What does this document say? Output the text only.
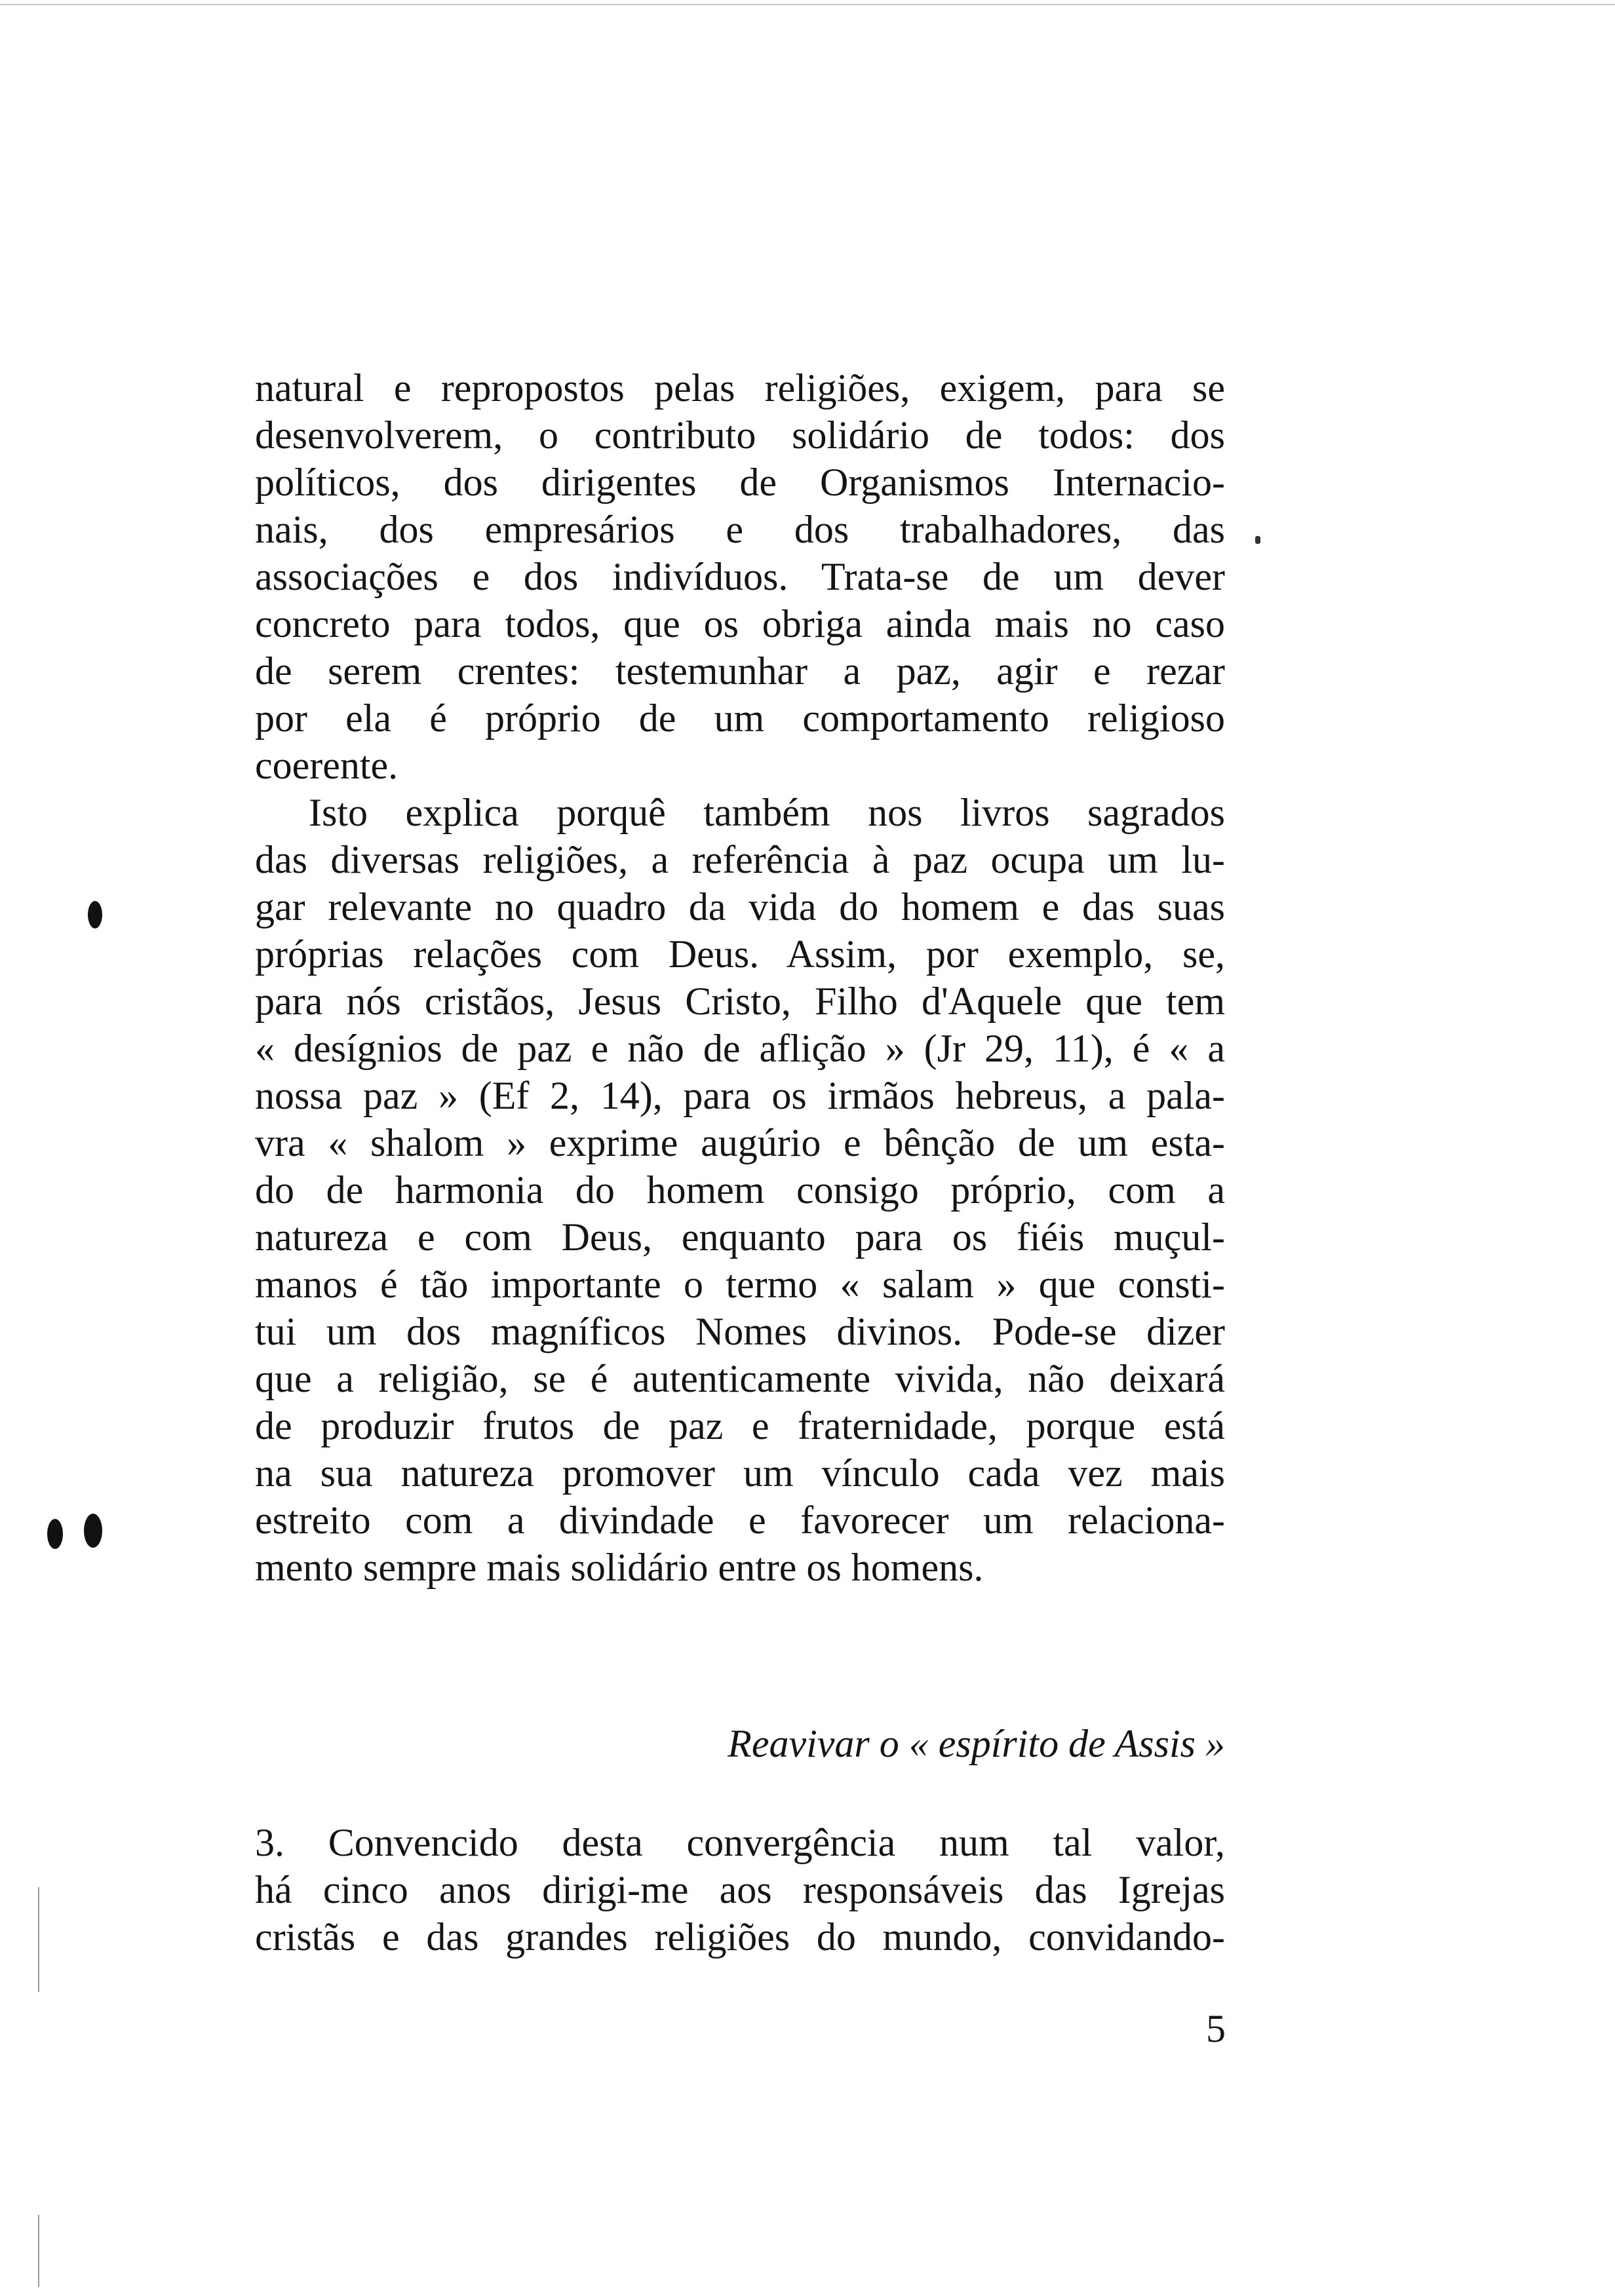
natural e repropostos pelas religiões, exigem, para se
desenvolverem, o contributo solidário de todos: dos
políticos, dos dirigentes de Organismos Internacio-
nais, dos empresários e dos trabalhadores, das
associações e dos indivíduos. Trata-se de um dever
concreto para todos, que os obriga ainda mais no caso
de serem crentes: testemunhar a paz, agir e rezar
por ela é próprio de um comportamento religioso
coerente.
Isto explica porquê também nos livros sagrados
das diversas religiões, a referência à paz ocupa um lu-
gar relevante no quadro da vida do homem e das suas
próprias relações com Deus. Assim, por exemplo, se,
para nós cristãos, Jesus Cristo, Filho d'Aquele que tem
« desígnios de paz e não de aflição » (Jr 29, 11), é « a
nossa paz » (Ef 2, 14), para os irmãos hebreus, a pala-
vra « shalom » exprime augúrio e bênção de um esta-
do de harmonia do homem consigo próprio, com a
natureza e com Deus, enquanto para os fiéis muçul-
manos é tão importante o termo « salam » que consti-
tui um dos magníficos Nomes divinos. Pode-se dizer
que a religião, se é autenticamente vivida, não deixará
de produzir frutos de paz e fraternidade, porque está
na sua natureza promover um vínculo cada vez mais
estreito com a divindade e favorecer um relaciona-
mento sempre mais solidário entre os homens.
Reavivar o « espírito de Assis »
3. Convencido desta convergência num tal valor,
há cinco anos dirigi-me aos responsáveis das Igrejas
cristãs e das grandes religiões do mundo, convidando-
5
